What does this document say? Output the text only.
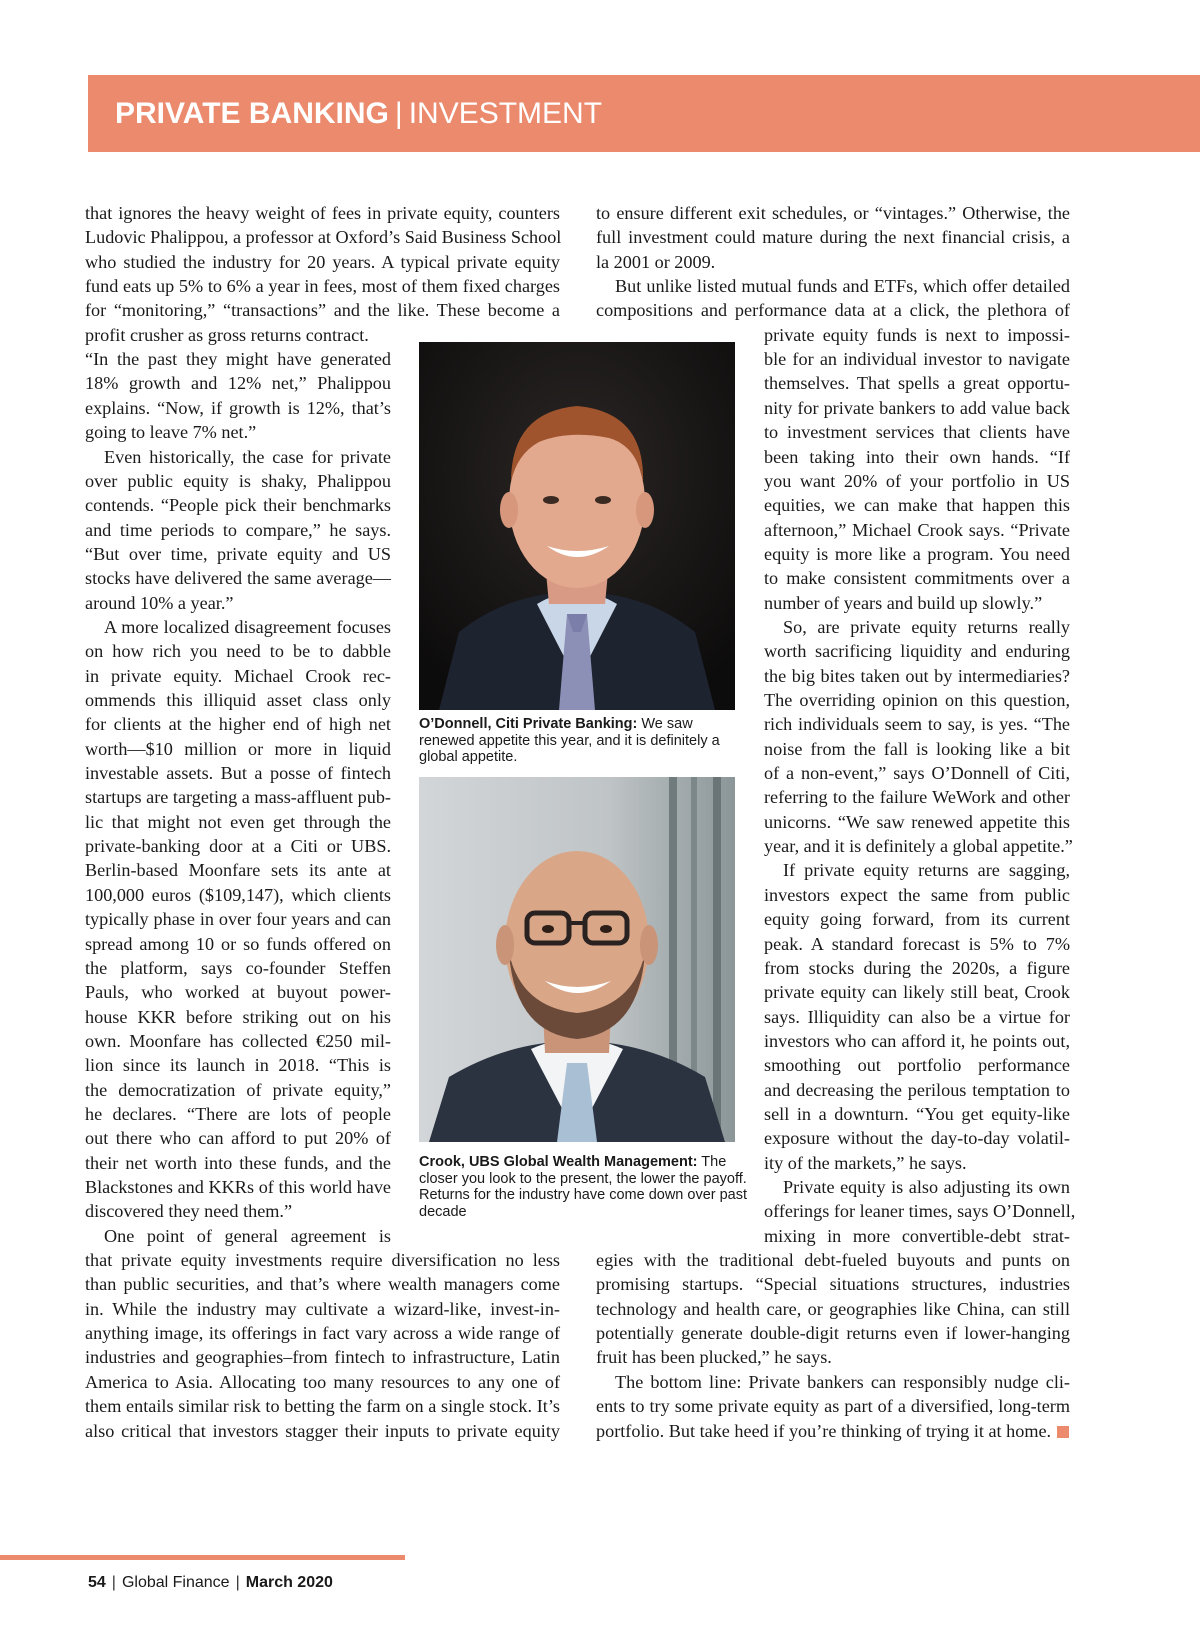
PRIVATE BANKING | INVESTMENT
that ignores the heavy weight of fees in private equity, counters
Ludovic Phalippou, a professor at Oxford’s Said Business School
who studied the industry for 20 years. A typical private equity
fund eats up 5% to 6% a year in fees, most of them fixed charges
for “monitoring,” “transactions” and the like. These become a
profit crusher as gross returns contract.
“In the past they might have generated
18% growth and 12% net,” Phalippou
explains. “Now, if growth is 12%, that’s
going to leave 7% net.”
Even historically, the case for private
over public equity is shaky, Phalippou
contends. “People pick their benchmarks
and time periods to compare,” he says.
“But over time, private equity and US
stocks have delivered the same average—
around 10% a year.”
A more localized disagreement focuses
on how rich you need to be to dabble
in private equity. Michael Crook rec-
ommends this illiquid asset class only
for clients at the higher end of high net
worth—$10 million or more in liquid
investable assets. But a posse of fintech
startups are targeting a mass-affluent pub-
lic that might not even get through the
private-banking door at a Citi or UBS.
Berlin-based Moonfare sets its ante at
100,000 euros ($109,147), which clients
typically phase in over four years and can
spread among 10 or so funds offered on
the platform, says co-founder Steffen
Pauls, who worked at buyout power-
house KKR before striking out on his
own. Moonfare has collected €250 mil-
lion since its launch in 2018. “This is
the democratization of private equity,”
he declares. “There are lots of people
out there who can afford to put 20% of
their net worth into these funds, and the
Blackstones and KKRs of this world have
discovered they need them.”
One point of general agreement is
that private equity investments require diversification no less
than public securities, and that’s where wealth managers come
in. While the industry may cultivate a wizard-like, invest-in-
anything image, its offerings in fact vary across a wide range of
industries and geographies–from fintech to infrastructure, Latin
America to Asia. Allocating too many resources to any one of
them entails similar risk to betting the farm on a single stock. It’s
also critical that investors stagger their inputs to private equity
to ensure different exit schedules, or “vintages.” Otherwise, the
full investment could mature during the next financial crisis, a
la 2001 or 2009.
But unlike listed mutual funds and ETFs, which offer detailed
compositions and performance data at a click, the plethora of
private equity funds is next to impossi-
ble for an individual investor to navigate
themselves. That spells a great opportu-
nity for private bankers to add value back
to investment services that clients have
been taking into their own hands. “If
you want 20% of your portfolio in US
equities, we can make that happen this
afternoon,” Michael Crook says. “Private
equity is more like a program. You need
to make consistent commitments over a
number of years and build up slowly.”
So, are private equity returns really
worth sacrificing liquidity and enduring
the big bites taken out by intermediaries?
The overriding opinion on this question,
rich individuals seem to say, is yes. “The
noise from the fall is looking like a bit
of a non-event,” says O’Donnell of Citi,
referring to the failure WeWork and other
unicorns. “We saw renewed appetite this
year, and it is definitely a global appetite.”
If private equity returns are sagging,
investors expect the same from public
equity going forward, from its current
peak. A standard forecast is 5% to 7%
from stocks during the 2020s, a figure
private equity can likely still beat, Crook
says. Illiquidity can also be a virtue for
investors who can afford it, he points out,
smoothing out portfolio performance
and decreasing the perilous temptation to
sell in a downturn. “You get equity-like
exposure without the day-to-day volatil-
ity of the markets,” he says.
Private equity is also adjusting its own
offerings for leaner times, says O’Donnell,
mixing in more convertible-debt strat-
egies with the traditional debt-fueled buyouts and punts on
promising startups. “Special situations structures, industries
technology and health care, or geographies like China, can still
potentially generate double-digit returns even if lower-hanging
fruit has been plucked,” he says.
The bottom line: Private bankers can responsibly nudge cli-
ents to try some private equity as part of a diversified, long-term
portfolio. But take heed if you’re thinking of trying it at home.
O’Donnell, Citi Private Banking: We saw renewed appetite this year, and it is definitely a global appetite.
Crook, UBS Global Wealth Management: The closer you look to the present, the lower the payoff. Returns for the industry have come down over past decade
54 | Global Finance | March 2020
